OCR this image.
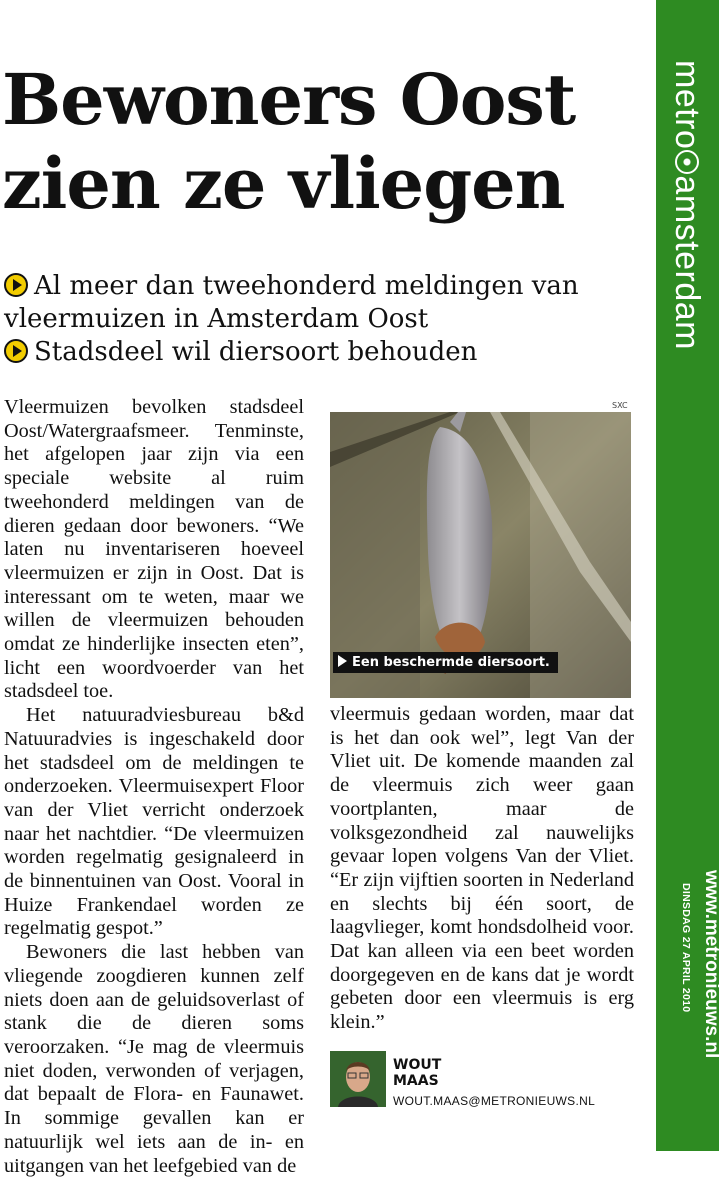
Bewoners Oost
zien ze vliegen
Al meer dan tweehonderd meldingen van vleermuizen in Amsterdam Oost
Stadsdeel wil diersoort behouden

Vleermuizen bevolken stadsdeel Oost/Watergraafsmeer. Tenminste, het afgelopen jaar zijn via een speciale website al ruim tweehonderd meldingen van de dieren gedaan door bewoners. “We laten nu inventariseren hoeveel vleermuizen er zijn in Oost. Dat is interessant om te weten, maar we willen de vleermuizen behouden omdat ze hinderlijke insecten eten”, licht een woordvoerder van het stadsdeel toe.

Het natuuradviesbureau b&d Natuuradvies is ingeschakeld door het stadsdeel om de meldingen te onderzoeken. Vleermuisexpert Floor van der Vliet verricht onderzoek naar het nachtdier. “De vleermuizen worden regelmatig gesignaleerd in de binnentuinen van Oost. Vooral in Huize Frankendael worden ze regelmatig gespot.”

Bewoners die last hebben van vliegende zoogdieren kunnen zelf niets doen aan de geluidsoverlast of stank die de dieren soms veroorzaken. “Je mag de vleermuis niet doden, verwonden of verjagen, dat bepaalt de Flora- en Faunawet. In sommige gevallen kan er natuurlijk wel iets aan de in- en uitgangen van het leefgebied van de

SXC
Een beschermde diersoort.

vleermuis gedaan worden, maar dat is het dan ook wel”, legt Van der Vliet uit. De komende maanden zal de vleermuis zich weer gaan voortplanten, maar de volksgezondheid zal nauwelijks gevaar lopen volgens Van der Vliet. “Er zijn vijftien soorten in Nederland en slechts bij één soort, de laagvlieger, komt hondsdolheid voor. Dat kan alleen via een beet worden doorgegeven en de kans dat je wordt gebeten door een vleermuis is erg klein.”

WOUT
MAAS
WOUT.MAAS@METRONIEUWS.NL
metroamsterdam
www.metronieuws.nl
DINSDAG 27 APRIL 2010
